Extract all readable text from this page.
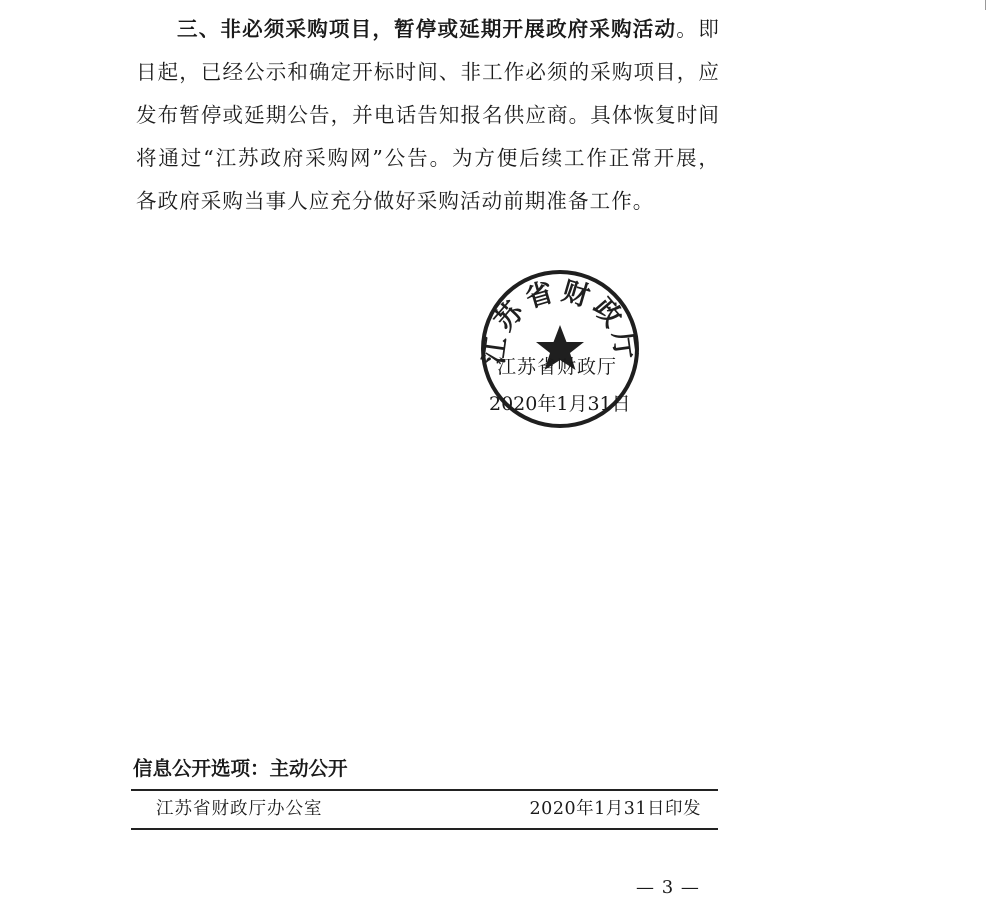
三、非必须采购项目，暂停或延期开展政府采购活动。即日起，已经公示和确定开标时间、非工作必须的采购项目，应发布暂停或延期公告，并电话告知报名供应商。具体恢复时间将通过“江苏政府采购网”公告。为方便后续工作正常开展，各政府采购当事人应充分做好采购活动前期准备工作。

江苏省财政厅
江苏省财政厅
2020年1月31日
信息公开选项：主动公开
江苏省财政厅办公室	2020年1月31日印发
— 3 —
